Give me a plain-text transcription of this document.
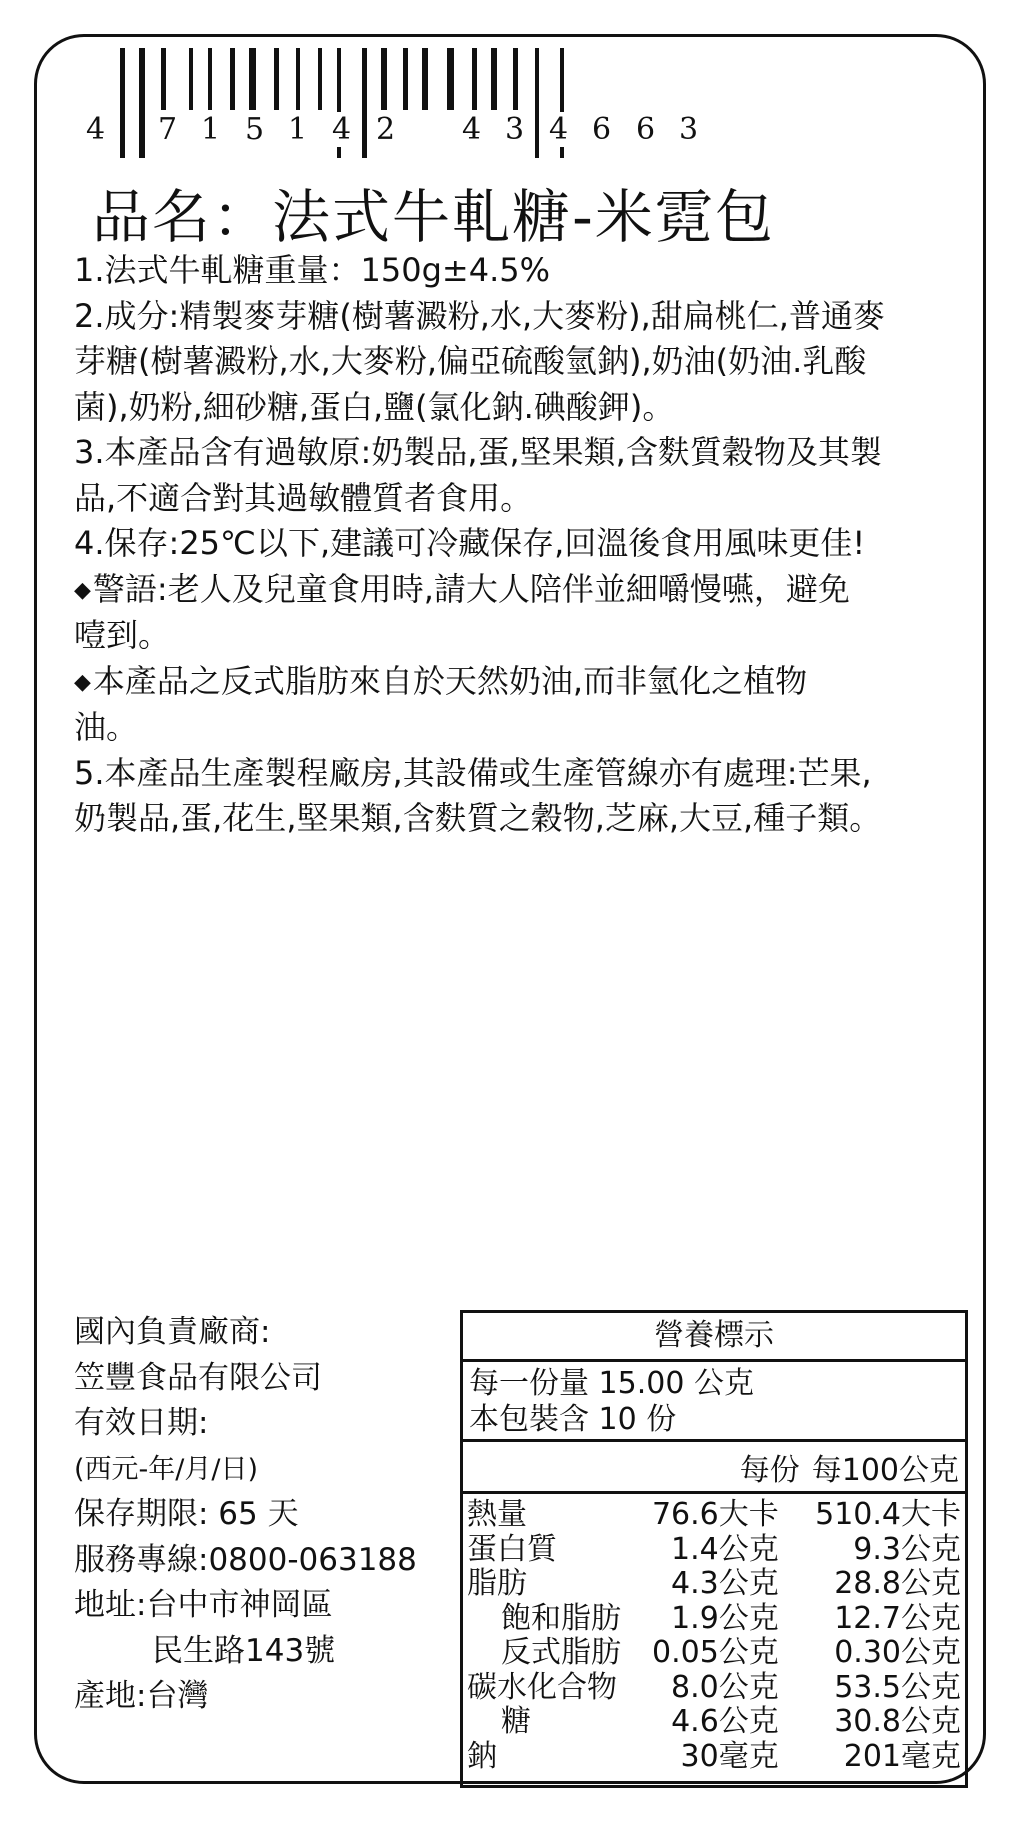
4 7 1 5 1 4 2 4 3 4 6 6 3
品名：法式牛軋糖-米霓包

1.法式牛軋糖重量：150g±4.5%

2.成分:精製麥芽糖(樹薯澱粉,水,大麥粉),甜扁桃仁,普通麥

芽糖(樹薯澱粉,水,大麥粉,偏亞硫酸氫鈉),奶油(奶油.乳酸

菌),奶粉,細砂糖,蛋白,鹽(氯化鈉.碘酸鉀)。

3.本產品含有過敏原:奶製品,蛋,堅果類,含麩質穀物及其製

品,不適合對其過敏體質者食用。

4.保存:25℃以下,建議可冷藏保存,回溫後食用風味更佳!

◆警語:老人及兒童食用時,請大人陪伴並細嚼慢嚥，避免

噎到。

◆本產品之反式脂肪來自於天然奶油,而非氫化之植物

油。

5.本產品生產製程廠房,其設備或生產管線亦有處理:芒果,

奶製品,蛋,花生,堅果類,含麩質之穀物,芝麻,大豆,種子類。

國內負責廠商:

笠豐食品有限公司

有效日期:

(西元-年/月/日)

保存期限: 65 天

服務專線:0800-063188

地址:台中市神岡區

民生路143號

產地:台灣

營養標示

每一份量 15.00 公克

本包裝含 10 份

每份 每100公克
熱量	76.6大卡	510.4大卡
蛋白質	1.4公克	9.3公克
脂肪	4.3公克	28.8公克
飽和脂肪	1.9公克	12.7公克
反式脂肪	0.05公克	0.30公克
碳水化合物	8.0公克	53.5公克
糖	4.6公克	30.8公克
鈉	30毫克	201毫克
